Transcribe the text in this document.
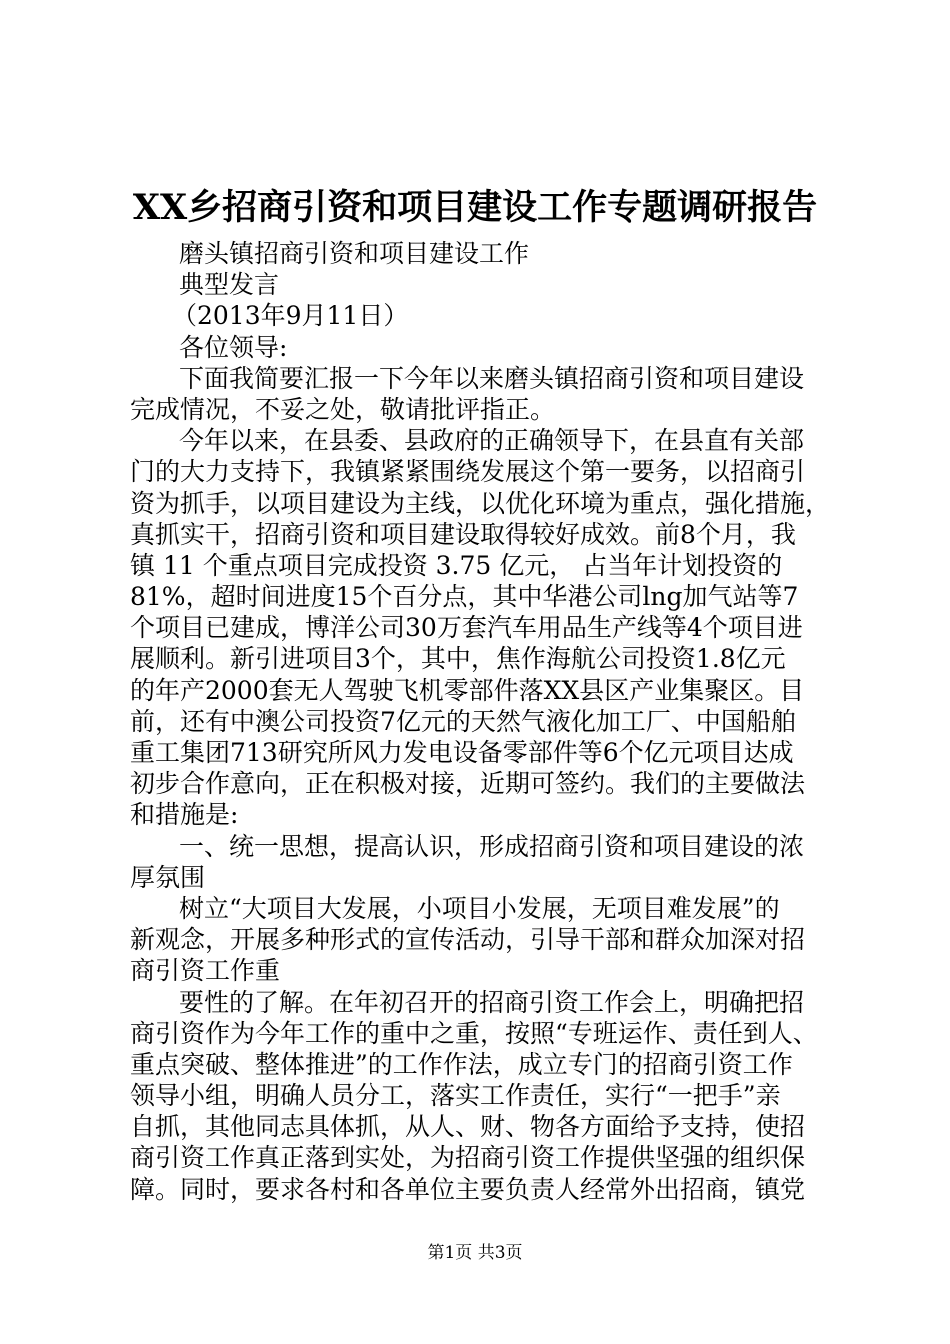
XX乡招商引资和项目建设工作专题调研报告
磨头镇招商引资和项目建设工作
典型发言
（2013年9月11日）
各位领导:
下面我简要汇报一下今年以来磨头镇招商引资和项目建设
完成情况，不妥之处，敬请批评指正。
今年以来，在县委、县政府的正确领导下，在县直有关部
门的大力支持下，我镇紧紧围绕发展这个第一要务，以招商引
资为抓手，以项目建设为主线，以优化环境为重点，强化措施，
真抓实干，招商引资和项目建设取得较好成效。前8个月，我
镇 11 个重点项目完成投资 3.75 亿元， 占当年计划投资的
81%，超时间进度15个百分点，其中华港公司lng加气站等7
个项目已建成，博洋公司30万套汽车用品生产线等4个项目进
展顺利。新引进项目3个，其中，焦作海航公司投资1.8亿元
的年产2000套无人驾驶飞机零部件落XX县区产业集聚区。目
前，还有中澳公司投资7亿元的天然气液化加工厂、中国船舶
重工集团713研究所风力发电设备零部件等6个亿元项目达成
初步合作意向，正在积极对接，近期可签约。我们的主要做法
和措施是:
一、统一思想，提高认识，形成招商引资和项目建设的浓
厚氛围
树立“大项目大发展，小项目小发展，无项目难发展”的
新观念，开展多种形式的宣传活动，引导干部和群众加深对招
商引资工作重
要性的了解。在年初召开的招商引资工作会上，明确把招
商引资作为今年工作的重中之重，按照“专班运作、责任到人、
重点突破、整体推进”的工作作法，成立专门的招商引资工作
领导小组，明确人员分工，落实工作责任，实行“一把手”亲
自抓，其他同志具体抓，从人、财、物各方面给予支持，使招
商引资工作真正落到实处，为招商引资工作提供坚强的组织保
障。同时，要求各村和各单位主要负责人经常外出招商，镇党
第1页 共3页
